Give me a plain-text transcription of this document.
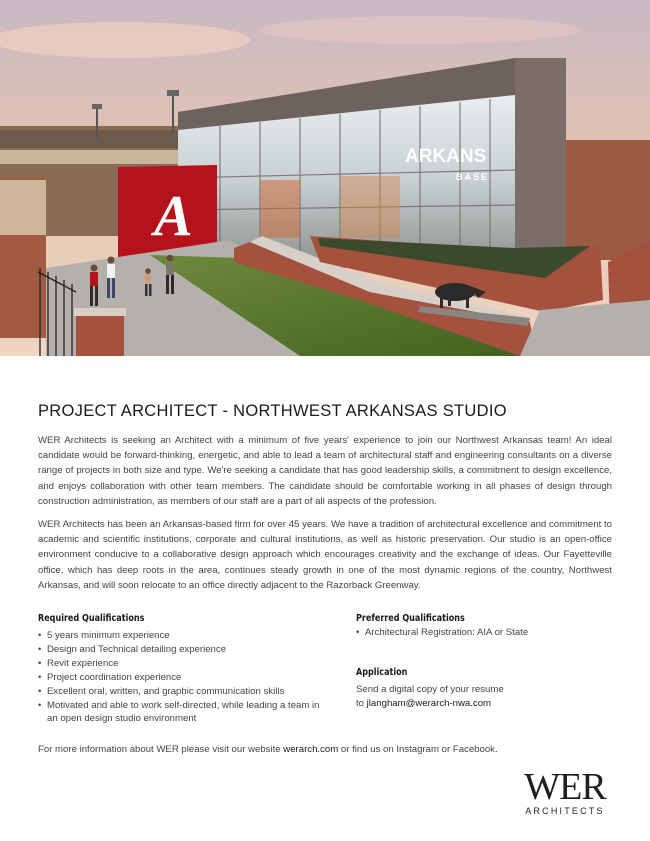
ARKANS
BASE
A
PROJECT ARCHITECT - NORTHWEST ARKANSAS STUDIO

WER Architects is seeking an Architect with a minimum of five years' experience to join our Northwest Arkansas team! An ideal candidate would be forward-thinking, energetic, and able to lead a team of architectural staff and engineering consultants on a diverse range of projects in both size and type. We're seeking a candidate that has good leadership skills, a commitment to design excellence, and enjoys collaboration with other team members. The candidate should be comfortable working in all phases of design through construction administration, as members of our staff are a part of all aspects of the profession.

WER Architects has been an Arkansas-based firm for over 45 years. We have a tradition of architectural excellence and commitment to academic and scientific institutions, corporate and cultural institutions, as well as historic preservation. Our studio is an open-office environment conducive to a collaborative design approach which encourages creativity and the exchange of ideas. Our Fayetteville office, which has deep roots in the area, continues steady growth in one of the most dynamic regions of the country, Northwest Arkansas, and will soon relocate to an office directly adjacent to the Razorback Greenway.

Required Qualifications
• 5 years minimum experience
• Design and Technical detailing experience
• Revit experience
• Project coordination experience
• Excellent oral, written, and graphic communication skills
• Motivated and able to work self-directed, while leading a team in an open design studio environment
Preferred Qualifications
• Architectural Registration: AIA or State
Application

Send a digital copy of your resume
to jlangham@werarch-nwa.com

For more information about WER please visit our website werarch.com or find us on Instagram or Facebook.

WER
ARCHITECTS
